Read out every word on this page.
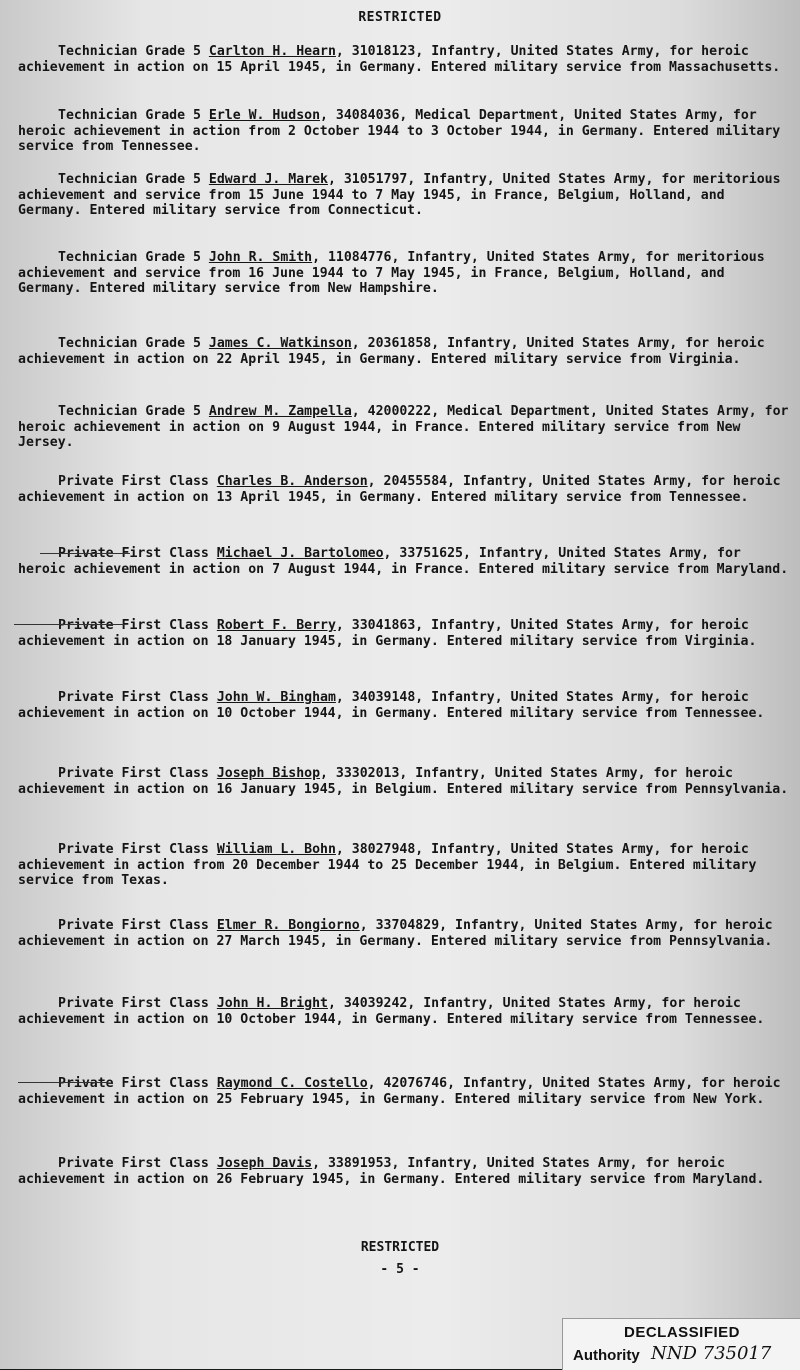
RESTRICTED
Technician Grade 5 Carlton H. Hearn, 31018123, Infantry, United States Army, for heroic achievement in action on 15 April 1945, in Germany. Entered military service from Massachusetts.
Technician Grade 5 Erle W. Hudson, 34084036, Medical Department, United States Army, for heroic achievement in action from 2 October 1944 to 3 October 1944, in Germany. Entered military service from Tennessee.
Technician Grade 5 Edward J. Marek, 31051797, Infantry, United States Army, for meritorious achievement and service from 15 June 1944 to 7 May 1945, in France, Belgium, Holland, and Germany. Entered military service from Connecticut.
Technician Grade 5 John R. Smith, 11084776, Infantry, United States Army, for meritorious achievement and service from 16 June 1944 to 7 May 1945, in France, Belgium, Holland, and Germany. Entered military service from New Hampshire.
Technician Grade 5 James C. Watkinson, 20361858, Infantry, United States Army, for heroic achievement in action on 22 April 1945, in Germany. Entered military service from Virginia.
Technician Grade 5 Andrew M. Zampella, 42000222, Medical Department, United States Army, for heroic achievement in action on 9 August 1944, in France. Entered military service from New Jersey.
Private First Class Charles B. Anderson, 20455584, Infantry, United States Army, for heroic achievement in action on 13 April 1945, in Germany. Entered military service from Tennessee.
Private First Class Michael J. Bartolomeo, 33751625, Infantry, United States Army, for heroic achievement in action on 7 August 1944, in France. Entered military service from Maryland.
Private First Class Robert F. Berry, 33041863, Infantry, United States Army, for heroic achievement in action on 18 January 1945, in Germany. Entered military service from Virginia.
Private First Class John W. Bingham, 34039148, Infantry, United States Army, for heroic achievement in action on 10 October 1944, in Germany. Entered military service from Tennessee.
Private First Class Joseph Bishop, 33302013, Infantry, United States Army, for heroic achievement in action on 16 January 1945, in Belgium. Entered military service from Pennsylvania.
Private First Class William L. Bohn, 38027948, Infantry, United States Army, for heroic achievement in action from 20 December 1944 to 25 December 1944, in Belgium. Entered military service from Texas.
Private First Class Elmer R. Bongiorno, 33704829, Infantry, United States Army, for heroic achievement in action on 27 March 1945, in Germany. Entered military service from Pennsylvania.
Private First Class John H. Bright, 34039242, Infantry, United States Army, for heroic achievement in action on 10 October 1944, in Germany. Entered military service from Tennessee.
Private First Class Raymond C. Costello, 42076746, Infantry, United States Army, for heroic achievement in action on 25 February 1945, in Germany. Entered military service from New York.
Private First Class Joseph Davis, 33891953, Infantry, United States Army, for heroic achievement in action on 26 February 1945, in Germany. Entered military service from Maryland.
RESTRICTED
- 5 -
DECLASSIFIED
Authority NND 735017
